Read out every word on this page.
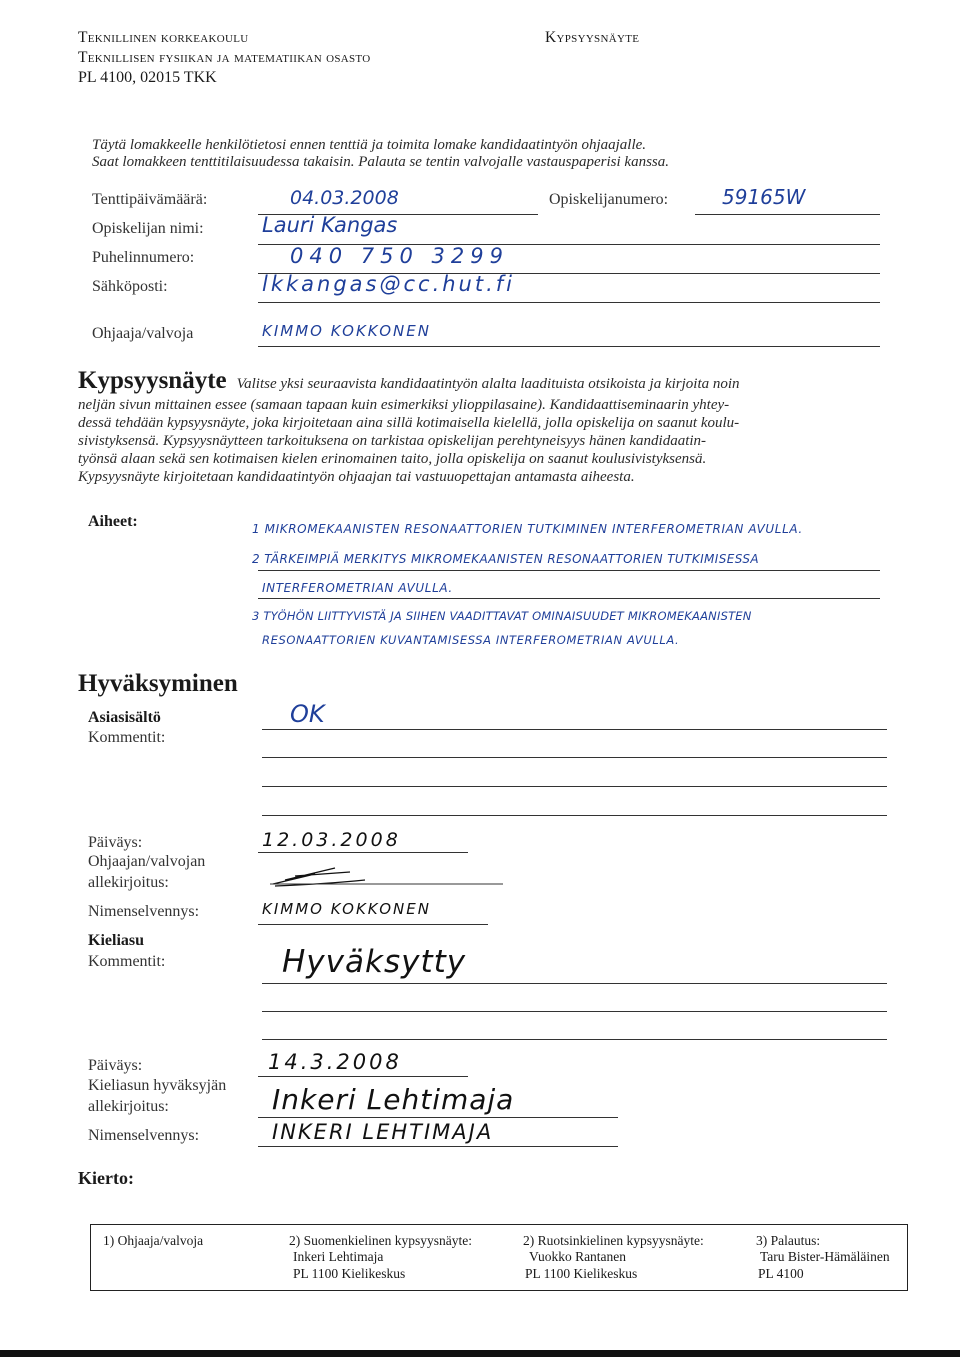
Teknillinen korkeakoulu
Teknillisen fysiikan ja matematiikan osasto
PL 4100, 02015 TKK
Kypsyysnäyte
Täytä lomakkeelle henkilötietosi ennen tenttiä ja toimita lomake kandidaatintyön ohjaajalle.
Saat lomakkeen tenttitilaisuudessa takaisin. Palauta se tentin valvojalle vastauspaperisi kanssa.
Tenttipäivämäärä:	04.03.2008	Opiskelijanumero:	59165W
Opiskelijan nimi:	Lauri Kangas
Puhelinnumero:	040 750 3299
Sähköposti:	lkkangas@cc.hut.fi
Ohjaaja/valvoja	KIMMO KOKKONEN
Kypsyysnäyte Valitse yksi seuraavista kandidaatintyön alalta laadituista otsikoista ja kirjoita noin
neljän sivun mittainen essee (samaan tapaan kuin esimerkiksi ylioppilasaine). Kandidaattiseminaarin yhtey-
dessä tehdään kypsyysnäyte, joka kirjoitetaan aina sillä kotimaisella kielellä, jolla opiskelija on saanut koulu-
sivistyksensä. Kypsyysnäytteen tarkoituksena on tarkistaa opiskelijan perehtyneisyys hänen kandidaatin-
työnsä alaan sekä sen kotimaisen kielen erinomainen taito, jolla opiskelija on saanut koulusivistyksensä.
Kypsyysnäyte kirjoitetaan kandidaatintyön ohjaajan tai vastuuopettajan antamasta aiheesta.
Aiheet:	1 MIKROMEKAANISTEN RESONAATTORIEN TUTKIMINEN INTERFEROMETRIAN AVULLA.
2 TÄRKEIMPIÄ MERKITYS MIKROMEKAANISTEN RESONAATTORIEN TUTKIMISESSA
INTERFEROMETRIAN AVULLA.
3 TYÖHÖN LIITTYVISTÄ JA SIIHEN VAADITTAVAT OMINAISUUDET MIKROMEKAANISTEN
RESONAATTORIEN KUVANTAMISESSA INTERFEROMETRIAN AVULLA.
Hyväksyminen
Asiasisältö
Kommentit:
OK
Päiväys:	12.03.2008
Ohjaajan/valvojan
allekirjoitus:
Nimenselvennys:	KIMMO KOKKONEN
Kieliasu
Kommentit:	Hyväksytty
Päiväys:	14.3.2008
Kieliasun hyväksyjän
allekirjoitus:	Inkeri Lehtimaja
Nimenselvennys:	INKERI LEHTIMAJA
Kierto:
1) Ohjaaja/valvoja	2) Suomenkielinen kypsyysnäyte:
Inkeri Lehtimaja
PL 1100 Kielikeskus
2) Ruotsinkielinen kypsyysnäyte:
Vuokko Rantanen
PL 1100 Kielikeskus
3) Palautus:
Taru Bister-Hämäläinen
PL 4100
